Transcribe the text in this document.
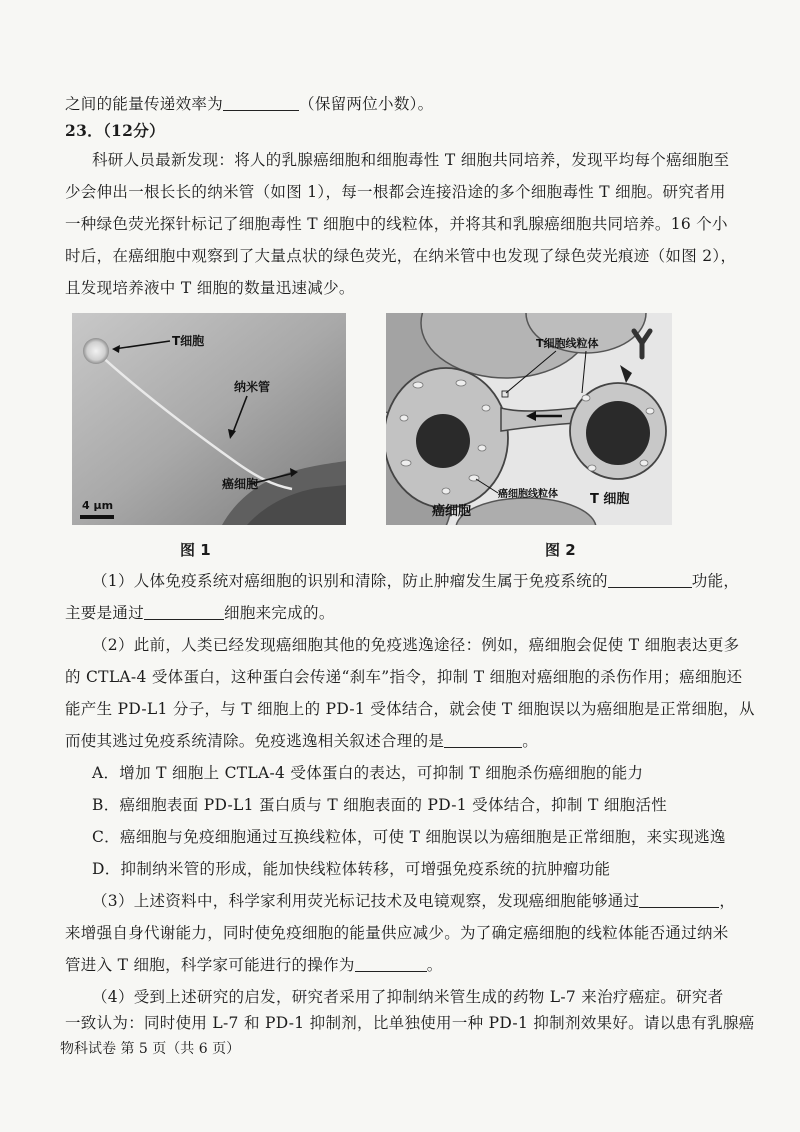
之间的能量传递效率为	（保留两位小数）。
23．（12分）
科研人员最新发现：将人的乳腺癌细胞和细胞毒性 T 细胞共同培养，发现平均每个癌细胞至
少会伸出一根长长的纳米管（如图 1），每一根都会连接沿途的多个细胞毒性 T 细胞。研究者用
一种绿色荧光探针标记了细胞毒性 T 细胞中的线粒体，并将其和乳腺癌细胞共同培养。16 个小
时后，在癌细胞中观察到了大量点状的绿色荧光，在纳米管中也发现了绿色荧光痕迹（如图 2），
且发现培养液中 T 细胞的数量迅速减少。
T细胞
纳米管
癌细胞
4 μm
T细胞线粒体
癌细胞线粒体
癌细胞
T 细胞
图 1	图 2
（1）人体免疫系统对癌细胞的识别和清除，防止肿瘤发生属于免疫系统的	功能，
主要是通过	细胞来完成的。
（2）此前，人类已经发现癌细胞其他的免疫逃逸途径：例如，癌细胞会促使 T 细胞表达更多
的 CTLA-4 受体蛋白，这种蛋白会传递“刹车”指令，抑制 T 细胞对癌细胞的杀伤作用；癌细胞还
能产生 PD-L1 分子，与 T 细胞上的 PD-1 受体结合，就会使 T 细胞误以为癌细胞是正常细胞，从
而使其逃过免疫系统清除。免疫逃逸相关叙述合理的是	。
A．增加 T 细胞上 CTLA-4 受体蛋白的表达，可抑制 T 细胞杀伤癌细胞的能力
B．癌细胞表面 PD-L1 蛋白质与 T 细胞表面的 PD-1 受体结合，抑制 T 细胞活性
C．癌细胞与免疫细胞通过互换线粒体，可使 T 细胞误以为癌细胞是正常细胞，来实现逃逸
D．抑制纳米管的形成，能加快线粒体转移，可增强免疫系统的抗肿瘤功能
（3）上述资料中，科学家利用荧光标记技术及电镜观察，发现癌细胞能够通过	，
来增强自身代谢能力，同时使免疫细胞的能量供应减少。为了确定癌细胞的线粒体能否通过纳米
管进入 T 细胞，科学家可能进行的操作为	。
（4）受到上述研究的启发，研究者采用了抑制纳米管生成的药物 L-7 来治疗癌症。研究者
一致认为：同时使用 L-7 和 PD-1 抑制剂，比单独使用一种 PD-1 抑制剂效果好。请以患有乳腺癌
物科试卷 第 5 页（共 6 页）
